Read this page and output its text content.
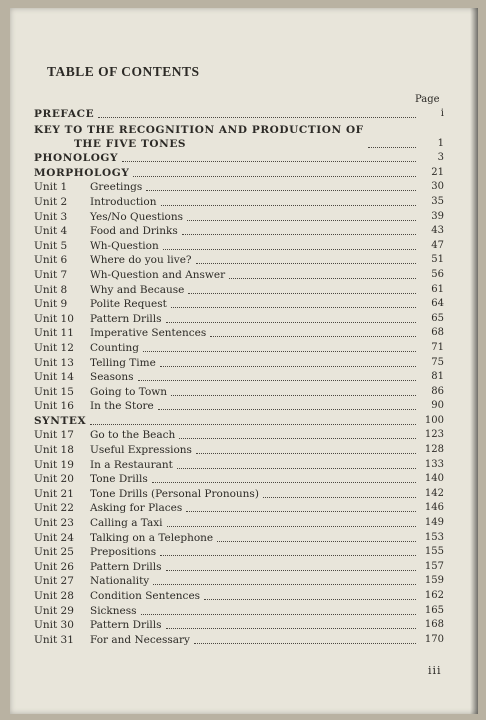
TABLE OF CONTENTS
Page
PREFACE	i
KEY TO THE RECOGNITION AND PRODUCTION OF
THE FIVE TONES	1
PHONOLOGY	3
MORPHOLOGY	21
Unit 1	Greetings	30
Unit 2	Introduction	35
Unit 3	Yes/No Questions	39
Unit 4	Food and Drinks	43
Unit 5	Wh-Question	47
Unit 6	Where do you live?	51
Unit 7	Wh-Question and Answer	56
Unit 8	Why and Because	61
Unit 9	Polite Request	64
Unit 10	Pattern Drills	65
Unit 11	Imperative Sentences	68
Unit 12	Counting	71
Unit 13	Telling Time	75
Unit 14	Seasons	81
Unit 15	Going to Town	86
Unit 16	In the Store	90
SYNTEX	100
Unit 17	Go to the Beach	123
Unit 18	Useful Expressions	128
Unit 19	In a Restaurant	133
Unit 20	Tone Drills	140
Unit 21	Tone Drills (Personal Pronouns)	142
Unit 22	Asking for Places	146
Unit 23	Calling a Taxi	149
Unit 24	Talking on a Telephone	153
Unit 25	Prepositions	155
Unit 26	Pattern Drills	157
Unit 27	Nationality	159
Unit 28	Condition Sentences	162
Unit 29	Sickness	165
Unit 30	Pattern Drills	168
Unit 31	For and Necessary	170
iii
